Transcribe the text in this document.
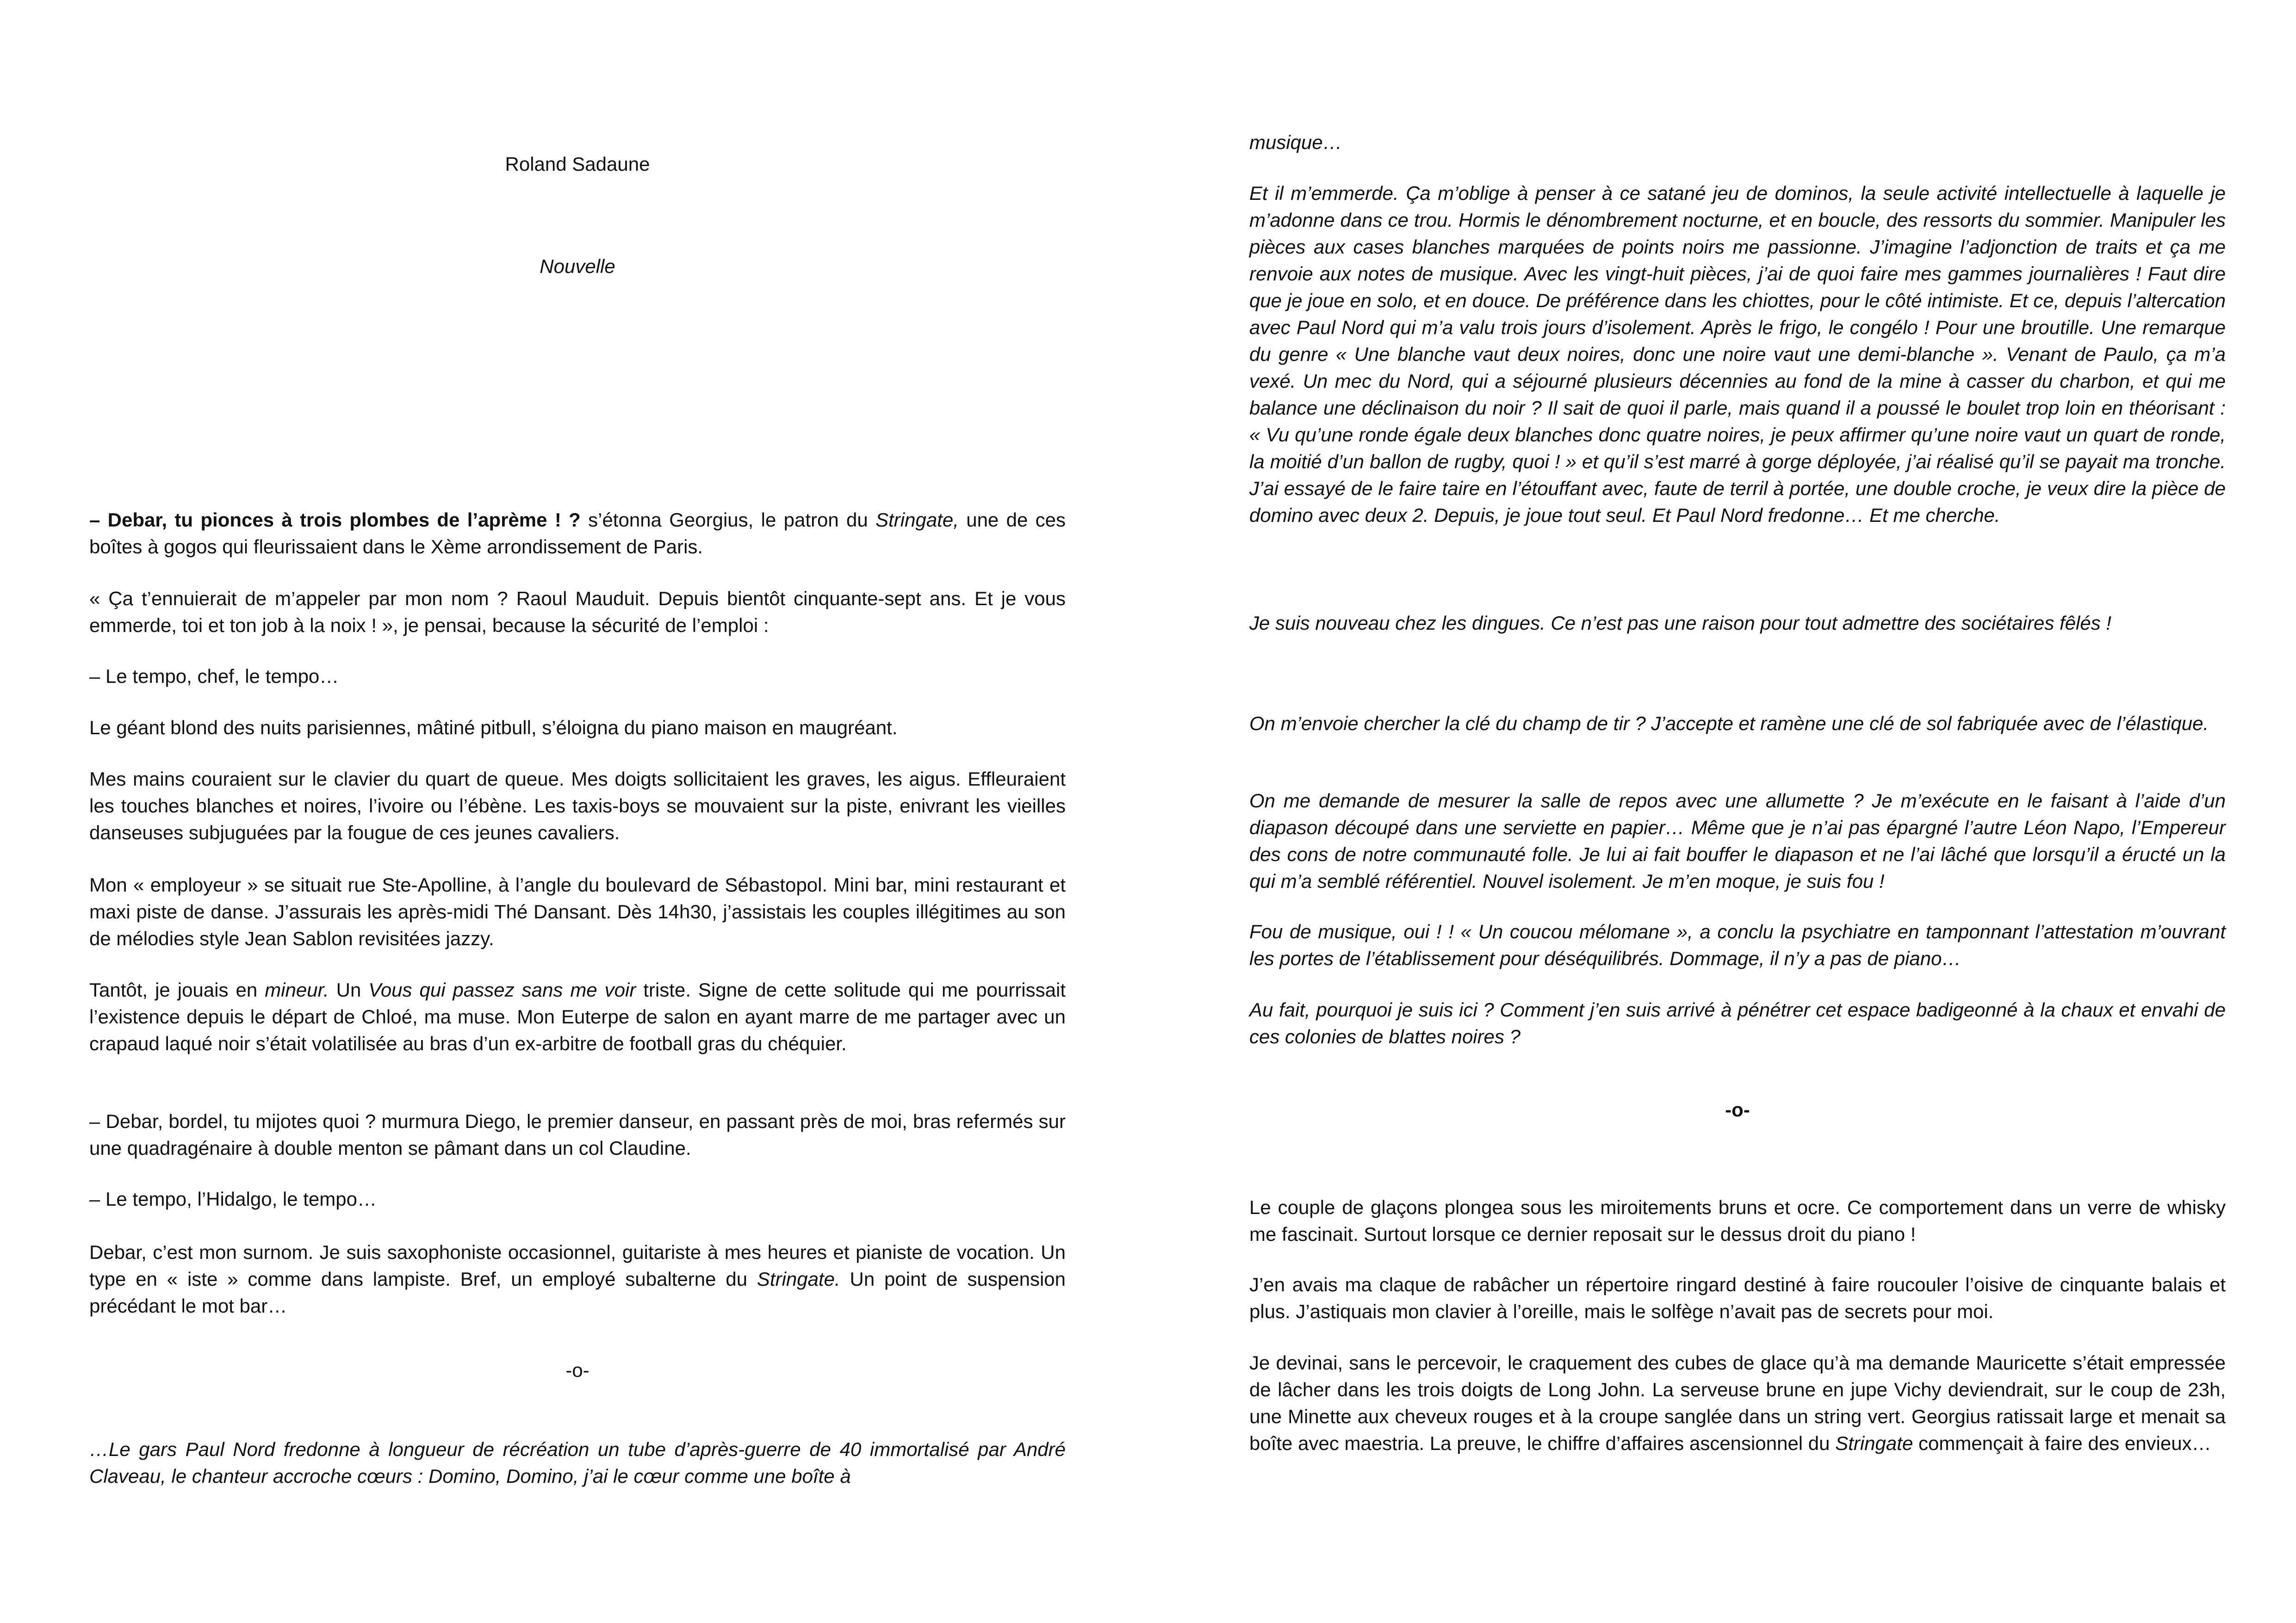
Roland Sadaune

Nouvelle

– Debar, tu pionces à trois plombes de l’aprème ! ? s’étonna Georgius, le patron du Stringate, une de ces boîtes à gogos qui fleurissaient dans le Xème arrondissement de Paris.

« Ça t’ennuierait de m’appeler par mon nom ? Raoul Mauduit. Depuis bientôt cinquante-sept ans. Et je vous emmerde, toi et ton job à la noix ! », je pensai, because la sécurité de l’emploi :

– Le tempo, chef, le tempo…

Le géant blond des nuits parisiennes, mâtiné pitbull, s’éloigna du piano maison en maugréant.

Mes mains couraient sur le clavier du quart de queue. Mes doigts sollicitaient les graves, les aigus. Effleuraient les touches blanches et noires, l’ivoire ou l’ébène. Les taxis-boys se mouvaient sur la piste, enivrant les vieilles danseuses subjuguées par la fougue de ces jeunes cavaliers.

Mon « employeur » se situait rue Ste-Apolline, à l’angle du boulevard de Sébastopol. Mini bar, mini restaurant et maxi piste de danse. J’assurais les après-midi Thé Dansant. Dès 14h30, j’assistais les couples illégitimes au son de mélodies style Jean Sablon revisitées jazzy.

Tantôt, je jouais en mineur. Un Vous qui passez sans me voir triste. Signe de cette solitude qui me pourrissait l’existence depuis le départ de Chloé, ma muse. Mon Euterpe de salon en ayant marre de me partager avec un crapaud laqué noir s’était volatilisée au bras d’un ex-arbitre de football gras du chéquier.

– Debar, bordel, tu mijotes quoi ? murmura Diego, le premier danseur, en passant près de moi, bras refermés sur une quadragénaire à double menton se pâmant dans un col Claudine.

– Le tempo, l’Hidalgo, le tempo…

Debar, c’est mon surnom. Je suis saxophoniste occasionnel, guitariste à mes heures et pianiste de vocation. Un type en « iste » comme dans lampiste. Bref, un employé subalterne du Stringate. Un point de suspension précédant le mot bar…

-o-

…Le gars Paul Nord fredonne à longueur de récréation un tube d’après-guerre de 40 immortalisé par André Claveau, le chanteur accroche cœurs : Domino, Domino, j’ai le cœur comme une boîte à

musique…

Et il m’emmerde. Ça m’oblige à penser à ce satané jeu de dominos, la seule activité intellectuelle à laquelle je m’adonne dans ce trou. Hormis le dénombrement nocturne, et en boucle, des ressorts du sommier. Manipuler les pièces aux cases blanches marquées de points noirs me passionne. J’imagine l’adjonction de traits et ça me renvoie aux notes de musique. Avec les vingt-huit pièces, j’ai de quoi faire mes gammes journalières ! Faut dire que je joue en solo, et en douce. De préférence dans les chiottes, pour le côté intimiste. Et ce, depuis l’altercation avec Paul Nord qui m’a valu trois jours d’isolement. Après le frigo, le congélo ! Pour une broutille. Une remarque du genre « Une blanche vaut deux noires, donc une noire vaut une demi-blanche ». Venant de Paulo, ça m’a vexé. Un mec du Nord, qui a séjourné plusieurs décennies au fond de la mine à casser du charbon, et qui me balance une déclinaison du noir ? Il sait de quoi il parle, mais quand il a poussé le boulet trop loin en théorisant : « Vu qu’une ronde égale deux blanches donc quatre noires, je peux affirmer qu’une noire vaut un quart de ronde, la moitié d’un ballon de rugby, quoi ! » et qu’il s’est marré à gorge déployée, j’ai réalisé qu’il se payait ma tronche. J’ai essayé de le faire taire en l’étouffant avec, faute de terril à portée, une double croche, je veux dire la pièce de domino avec deux 2. Depuis, je joue tout seul. Et Paul Nord fredonne… Et me cherche.

Je suis nouveau chez les dingues. Ce n’est pas une raison pour tout admettre des sociétaires fêlés !

On m’envoie chercher la clé du champ de tir ? J’accepte et ramène une clé de sol fabriquée avec de l’élastique.

On me demande de mesurer la salle de repos avec une allumette ? Je m’exécute en le faisant à l’aide d’un diapason découpé dans une serviette en papier… Même que je n’ai pas épargné l’autre Léon Napo, l’Empereur des cons de notre communauté folle. Je lui ai fait bouffer le diapason et ne l’ai lâché que lorsqu’il a éructé un la qui m’a semblé référentiel. Nouvel isolement. Je m’en moque, je suis fou !

Fou de musique, oui ! ! « Un coucou mélomane », a conclu la psychiatre en tamponnant l’attestation m’ouvrant les portes de l’établissement pour déséquilibrés. Dommage, il n’y a pas de piano…

Au fait, pourquoi je suis ici ? Comment j’en suis arrivé à pénétrer cet espace badigeonné à la chaux et envahi de ces colonies de blattes noires ?

-o-

Le couple de glaçons plongea sous les miroitements bruns et ocre. Ce comportement dans un verre de whisky me fascinait. Surtout lorsque ce dernier reposait sur le dessus droit du piano !

J’en avais ma claque de rabâcher un répertoire ringard destiné à faire roucouler l’oisive de cinquante balais et plus. J’astiquais mon clavier à l’oreille, mais le solfège n’avait pas de secrets pour moi.

Je devinai, sans le percevoir, le craquement des cubes de glace qu’à ma demande Mauricette s’était empressée de lâcher dans les trois doigts de Long John. La serveuse brune en jupe Vichy deviendrait, sur le coup de 23h, une Minette aux cheveux rouges et à la croupe sanglée dans un string vert. Georgius ratissait large et menait sa boîte avec maestria. La preuve, le chiffre d’affaires ascensionnel du Stringate commençait à faire des envieux…
